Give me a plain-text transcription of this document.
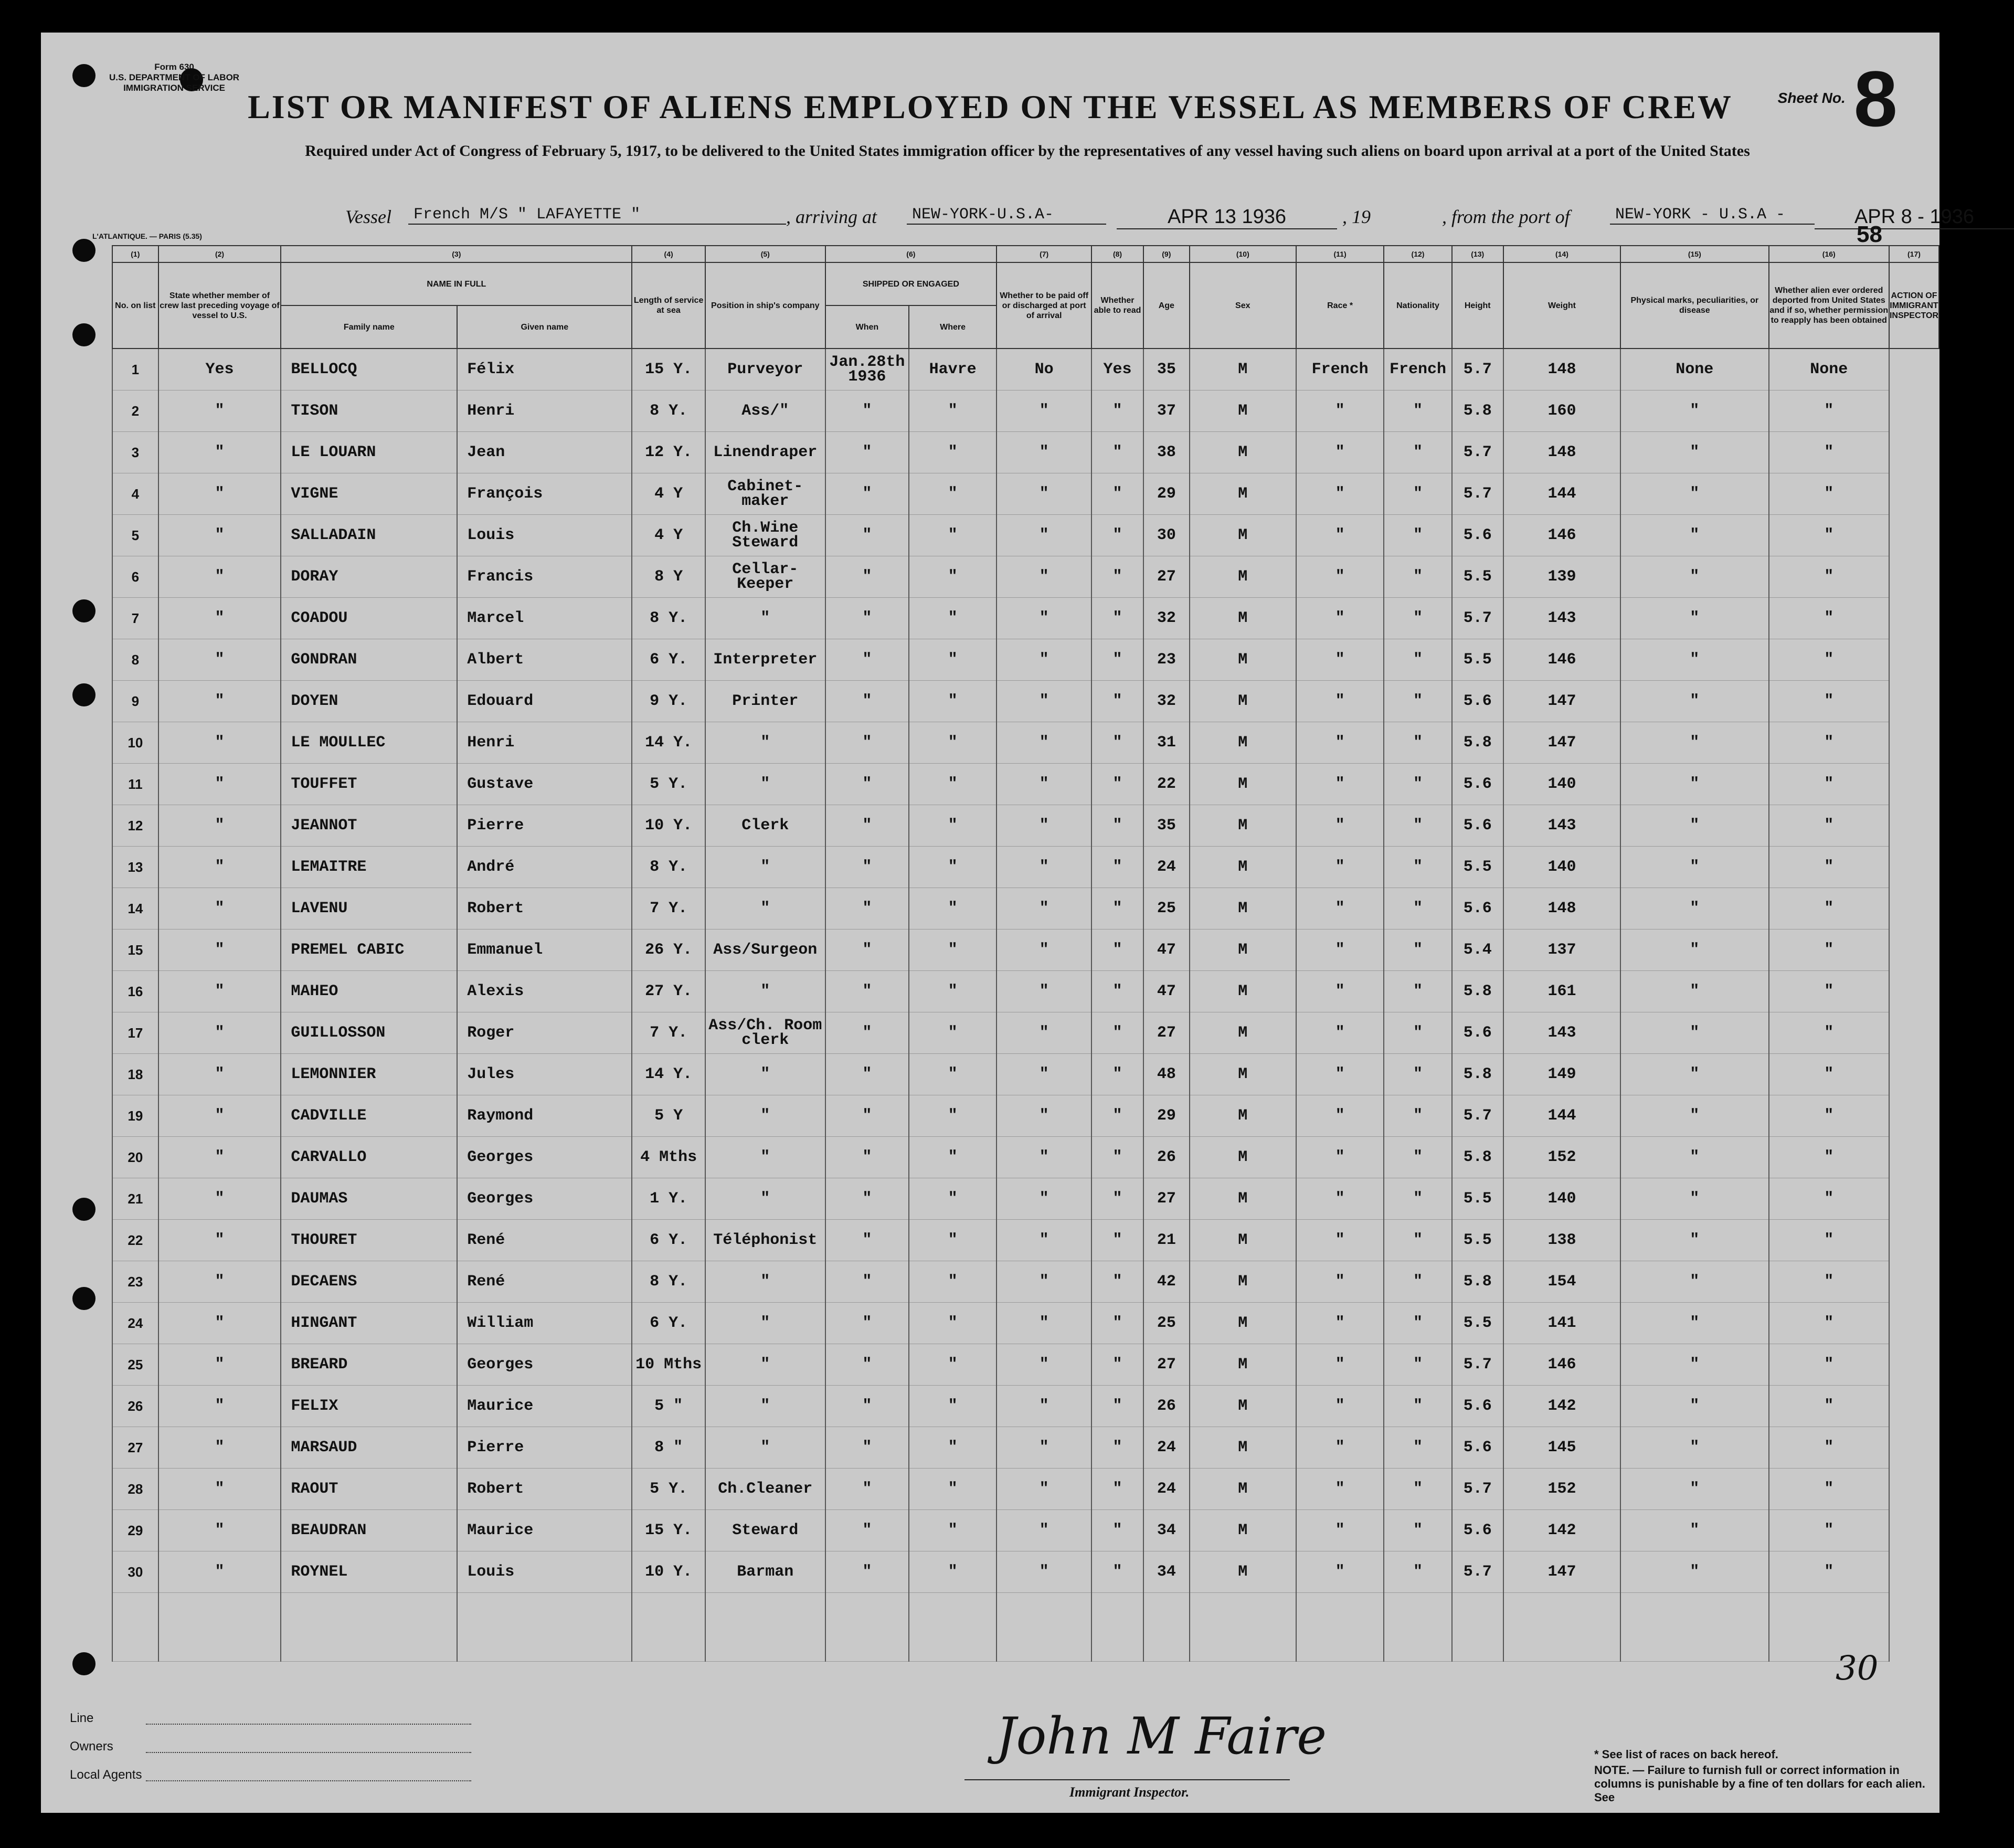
Form 630
U.S. DEPARTMENT OF LABOR
IMMIGRATION SERVICE
Sheet No. 8
LIST OR MANIFEST OF ALIENS EMPLOYED ON THE VESSEL AS MEMBERS OF CREW
Required under Act of Congress of February 5, 1917, to be delivered to the United States immigration officer by the representatives of any vessel having such aliens on board upon arrival at a port of the United States
Vessel	French M/S " LAFAYETTE "	, arriving at	NEW-YORK-U.S.A-	APR 13 1936	, 19	, from the port of	NEW-YORK - U.S.A -	APR 8 - 1936
L'ATLANTIQUE. — PARIS (5.35)	58
(1)	(2)	(3)		(4)	(5)	(6)		(7)	(8)	(9)	(10)	(11)	(12)	(13)	(14)	(15)	(16)	(17)
No. on list	State whether member of crew last preceding voyage of vessel to U.S.	NAME IN FULL		Length of service at sea	Position in ship's company	SHIPPED OR ENGAGED		Whether to be paid off or discharged at port of arrival	Whether able to read	Age	Sex	Race *	Nationality	Height	Weight	Physical marks, peculiarities, or disease	Whether alien ever ordered deported from United States and if so, whether permission to reapply has been obtained	ACTION OF IMMIGRANT INSPECTOR
		Family name	Given name			When	Where											
1	Yes	BELLOCQ	Félix	15 Y.	Purveyor	Jan.28th 1936	Havre	No	Yes	35	M	French	French	5.7	148	None	None	
2	"	TISON	Henri	8 Y.	Ass/"	"	"	"	"	37	M	"	"	5.8	160	"	"	
3	"	LE LOUARN	Jean	12 Y.	Linendraper	"	"	"	"	38	M	"	"	5.7	148	"	"	
4	"	VIGNE	François	4 Y	Cabinet-maker	"	"	"	"	29	M	"	"	5.7	144	"	"	
5	"	SALLADAIN	Louis	4 Y	Ch.Wine Steward	"	"	"	"	30	M	"	"	5.6	146	"	"	
6	"	DORAY	Francis	8 Y	Cellar-Keeper	"	"	"	"	27	M	"	"	5.5	139	"	"	
7	"	COADOU	Marcel	8 Y.	"	"	"	"	"	32	M	"	"	5.7	143	"	"	
8	"	GONDRAN	Albert	6 Y.	Interpreter	"	"	"	"	23	M	"	"	5.5	146	"	"	
9	"	DOYEN	Edouard	9 Y.	Printer	"	"	"	"	32	M	"	"	5.6	147	"	"	
10	"	LE MOULLEC	Henri	14 Y.	"	"	"	"	"	31	M	"	"	5.8	147	"	"	
11	"	TOUFFET	Gustave	5 Y.	"	"	"	"	"	22	M	"	"	5.6	140	"	"	
12	"	JEANNOT	Pierre	10 Y.	Clerk	"	"	"	"	35	M	"	"	5.6	143	"	"	
13	"	LEMAITRE	André	8 Y.	"	"	"	"	"	24	M	"	"	5.5	140	"	"	
14	"	LAVENU	Robert	7 Y.	"	"	"	"	"	25	M	"	"	5.6	148	"	"	
15	"	PREMEL CABIC	Emmanuel	26 Y.	Ass/Surgeon	"	"	"	"	47	M	"	"	5.4	137	"	"	
16	"	MAHEO	Alexis	27 Y.	"	"	"	"	"	47	M	"	"	5.8	161	"	"	
17	"	GUILLOSSON	Roger	7 Y.	Ass/Ch. Room clerk	"	"	"	"	27	M	"	"	5.6	143	"	"	
18	"	LEMONNIER	Jules	14 Y.	"	"	"	"	"	48	M	"	"	5.8	149	"	"	
19	"	CADVILLE	Raymond	5 Y	"	"	"	"	"	29	M	"	"	5.7	144	"	"	
20	"	CARVALLO	Georges	4 Mths	"	"	"	"	"	26	M	"	"	5.8	152	"	"	
21	"	DAUMAS	Georges	1 Y.	"	"	"	"	"	27	M	"	"	5.5	140	"	"	
22	"	THOURET	René	6 Y.	Téléphonist	"	"	"	"	21	M	"	"	5.5	138	"	"	
23	"	DECAENS	René	8 Y.	"	"	"	"	"	42	M	"	"	5.8	154	"	"	
24	"	HINGANT	William	6 Y.	"	"	"	"	"	25	M	"	"	5.5	141	"	"	
25	"	BREARD	Georges	10 Mths	"	"	"	"	"	27	M	"	"	5.7	146	"	"	
26	"	FELIX	Maurice	5 "	"	"	"	"	"	26	M	"	"	5.6	142	"	"	
27	"	MARSAUD	Pierre	8 "	"	"	"	"	"	24	M	"	"	5.6	145	"	"	
28	"	RAOUT	Robert	5 Y.	Ch.Cleaner	"	"	"	"	24	M	"	"	5.7	152	"	"	
29	"	BEAUDRAN	Maurice	15 Y.	Steward	"	"	"	"	34	M	"	"	5.6	142	"	"	
30	"	ROYNEL	Louis	10 Y.	Barman	"	"	"	"	34	M	"	"	5.7	147	"	"	

Line
Owners
Local Agents
John M Faire
Immigrant Inspector.
* See list of races on back hereof.
NOTE. — Failure to furnish full or correct information in columns is punishable by a fine of ten dollars for each alien. See
30
